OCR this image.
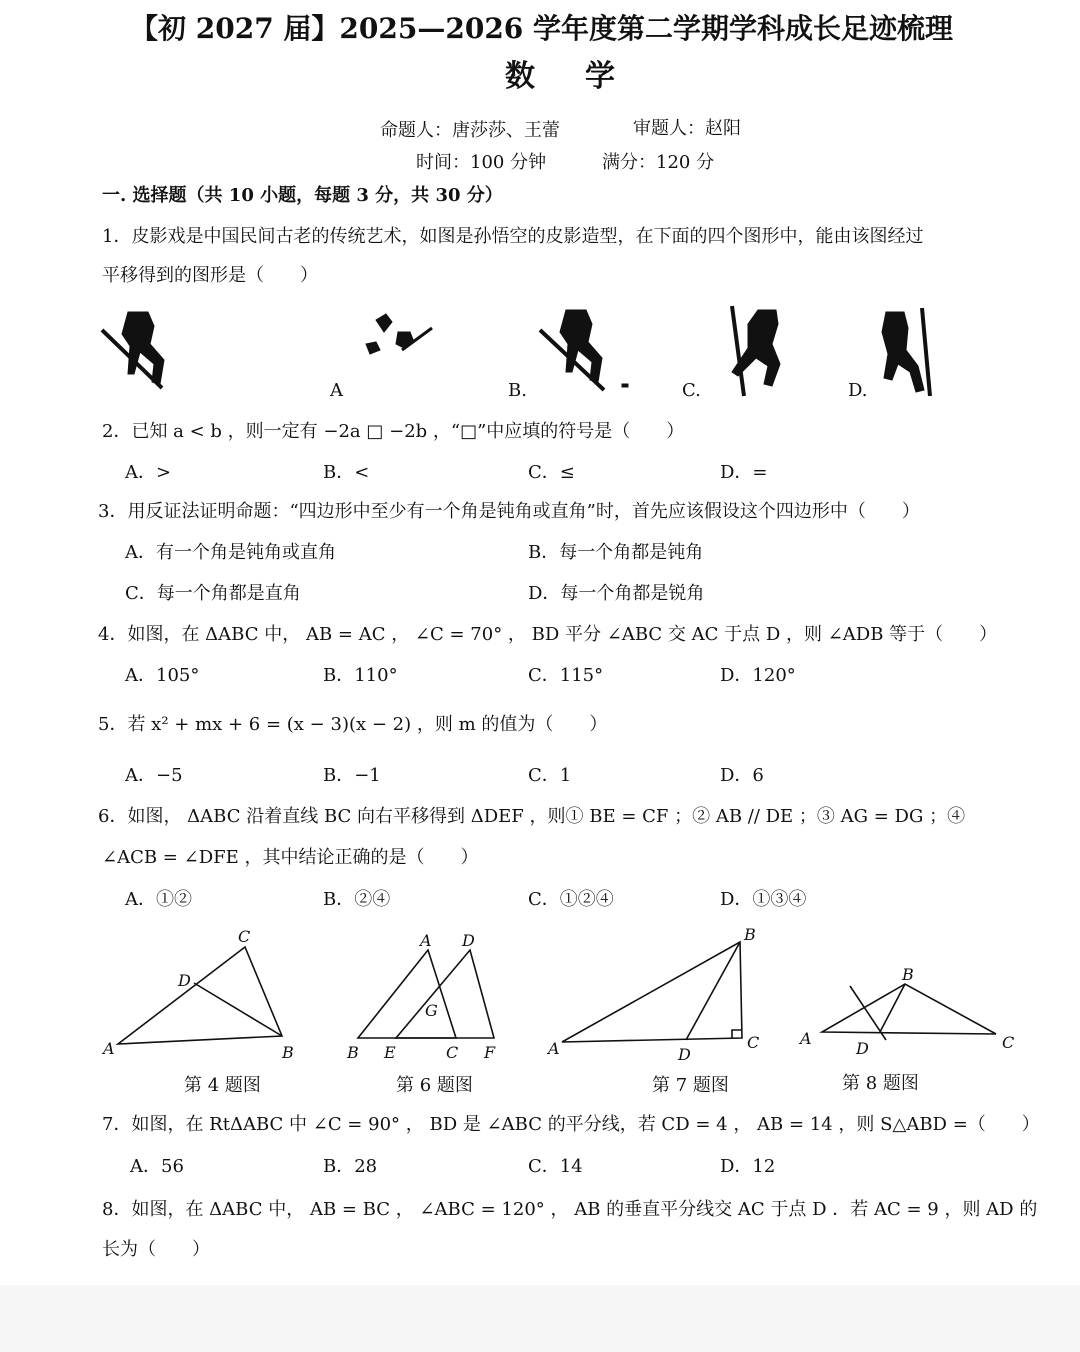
【初 2027 届】2025—2026 学年度第二学期学科成长足迹梳理
数学
命题人：唐莎莎、王蕾	审题人：赵阳
时间：100 分钟	满分：120 分
一. 选择题（共 10 小题，每题 3 分，共 30 分）
1．皮影戏是中国民间古老的传统艺术，如图是孙悟空的皮影造型，在下面的四个图形中，能由该图经过
平移得到的图形是（　　）
A	B.	C.	D.
2．已知 a < b ，则一定有 −2a □ −2b ，“□”中应填的符号是（　　）
A．>	B．<	C．≤	D．=
3．用反证法证明命题：“四边形中至少有一个角是钝角或直角”时，首先应该假设这个四边形中（　　）
A．有一个角是钝角或直角	B．每一个角都是钝角
C．每一个角都是直角	D．每一个角都是锐角
4．如图，在 ΔABC 中， AB = AC ， ∠C = 70° ， BD 平分 ∠ABC 交 AC 于点 D ，则 ∠ADB 等于（　　）
A．105°	B．110°	C．115°	D．120°
5．若 x² + mx + 6 = (x − 3)(x − 2) ，则 m 的值为（　　）
A．−5	B．−1	C．1	D．6
6．如图， ΔABC 沿着直线 BC 向右平移得到 ΔDEF ，则① BE = CF ；② AB // DE ；③ AG = DG ；④
∠ACB = ∠DFE ，其中结论正确的是（　　）
A．①②	B．②④	C．①②④	D．①③④
A	B
C
D
A D
G
B E	C F	A
B
C
D
A
B
C
D
第 4 题图	第 6 题图	第 7 题图	第 8 题图
7．如图，在 RtΔABC 中 ∠C = 90° ， BD 是 ∠ABC 的平分线，若 CD = 4 ， AB = 14 ，则 S△ABD =（　　）
A．56	B．28	C．14	D．12
8．如图，在 ΔABC 中， AB = BC ， ∠ABC = 120° ， AB 的垂直平分线交 AC 于点 D ．若 AC = 9 ，则 AD 的
长为（　　）
